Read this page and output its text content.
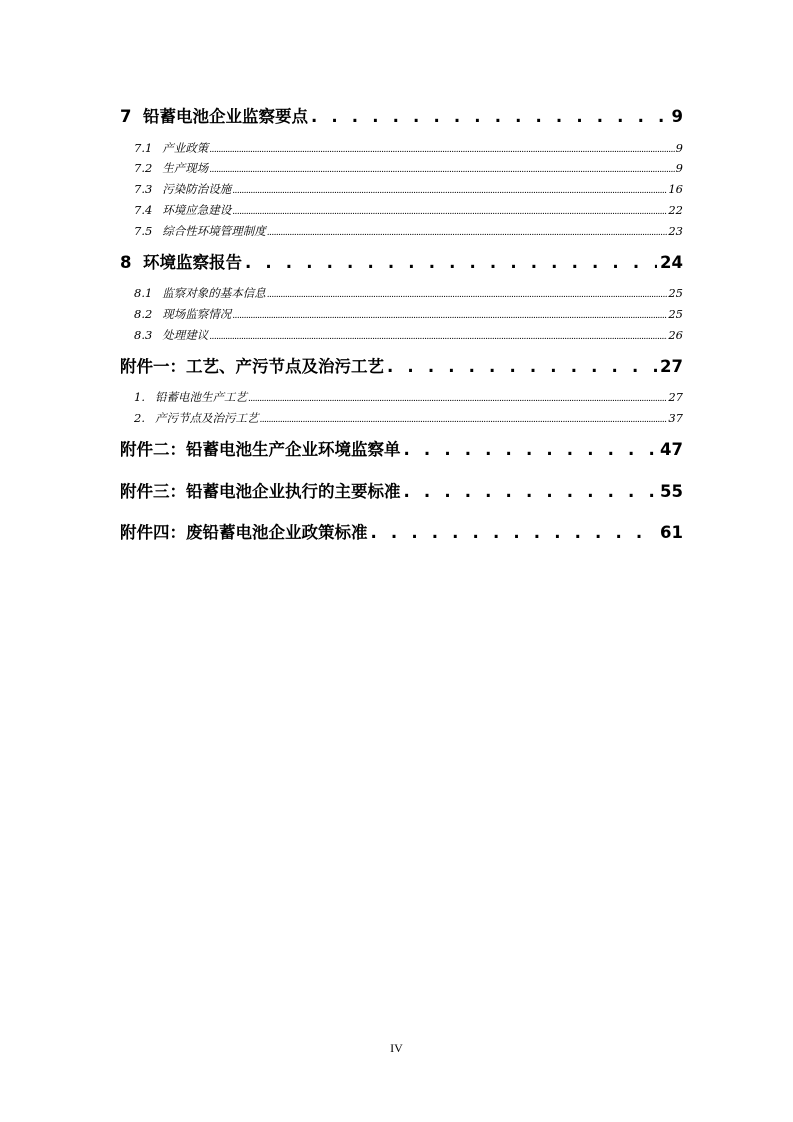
7 铅蓄电池企业监察要点 . . .	9
7.1 产业政策 .....	9
7.2 生产现场 .....	9
7.3 污染防治设施 .....	16
7.4 环境应急建设 .....	22
7.5 综合性环境管理制度 .....	23
8 环境监察报告 . . .	24
8.1 监察对象的基本信息 .....	25
8.2 现场监察情况 .....	25
8.3 处理建议 .....	26
附件一：工艺、产污节点及治污工艺 . . .	27
1. 铅蓄电池生产工艺 .....	27
2. 产污节点及治污工艺 .....	37
附件二：铅蓄电池生产企业环境监察单 . . .	47
附件三：铅蓄电池企业执行的主要标准 . . .	55
附件四：废铅蓄电池企业政策标准 . . .	61
IV
